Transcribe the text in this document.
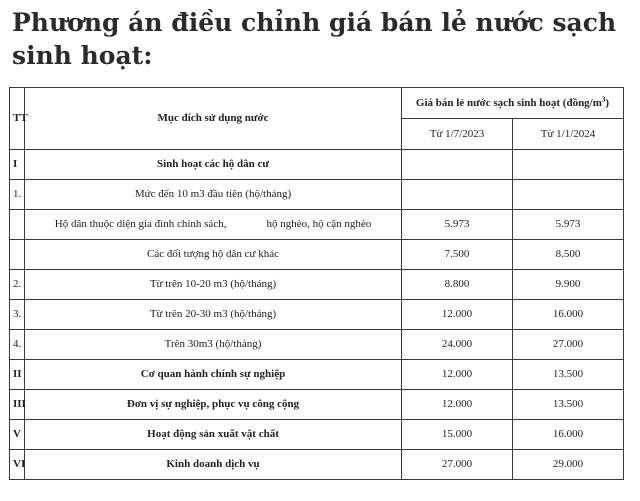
Phương án điều chỉnh giá bán lẻ nước sạch sinh hoạt:
TT	Mục đích sử dụng nước	Giá bán lẻ nước sạch sinh hoạt $(đồng/m^3)$	
		Từ 1/7/2023	Từ 1/1/2024
I	Sinh hoạt các hộ dân cư		
1.	Mức đến 10 m3 đầu tiên (hộ/tháng)		
	Hộ dân thuộc diện gia đình chính sách, hộ nghèo, hộ cận nghèo	5.973	5.973
	Các đối tượng hộ dân cư khác	7.500	8.500
2.	Từ trên 10-20 m3 (hộ/tháng)	8.800	9.900
3.	Từ trên 20-30 m3 (hộ/tháng)	12.000	16.000
4.	Trên 30m3 (hộ/tháng)	24.000	27.000
II	Cơ quan hành chính sự nghiệp	12.000	13.500
III	Đơn vị sự nghiệp, phục vụ công cộng	12.000	13.500
V	Hoạt động sản xuất vật chất	15.000	16.000
VI	Kinh doanh dịch vụ	27.000	29.000
